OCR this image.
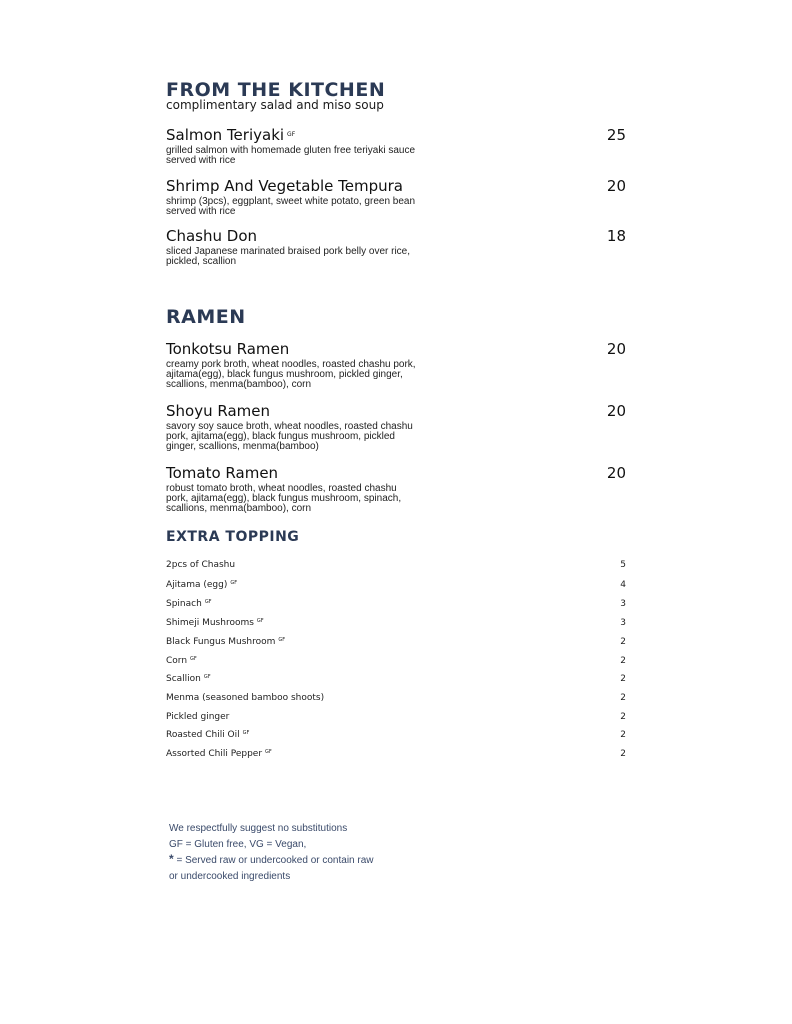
FROM THE KITCHEN
complimentary salad and miso soup
Salmon Teriyaki $^{GF}$	25
grilled salmon with homemade gluten free teriyaki sauce served with rice
Shrimp And Vegetable Tempura	20
shrimp (3pcs), eggplant, sweet white potato, green bean served with rice
Chashu Don	18
sliced Japanese marinated braised pork belly over rice, pickled, scallion
RAMEN
Tonkotsu Ramen	20
creamy pork broth, wheat noodles, roasted chashu pork, ajitama(egg), black fungus mushroom, pickled ginger, scallions, menma(bamboo), corn
Shoyu Ramen	20
savory soy sauce broth, wheat noodles, roasted chashu pork, ajitama(egg), black fungus mushroom, pickled ginger, scallions, menma(bamboo)
Tomato Ramen	20
robust tomato broth, wheat noodles, roasted chashu pork, ajitama(egg), black fungus mushroom, spinach, scallions, menma(bamboo), corn
EXTRA TOPPING
2pcs of Chashu	5
Ajitama (egg) $^{GF}$	4
Spinach $^{GF}$	3
Shimeji Mushrooms $^{GF}$	3
Black Fungus Mushroom $^{GF}$	2
Corn $^{GF}$	2
Scallion $^{GF}$	2
Menma (seasoned bamboo shoots)	2
Pickled ginger	2
Roasted Chili Oil $^{GF}$	2
Assorted Chili Pepper $^{GF}$	2
We respectfully suggest no substitutions
GF = Gluten free, VG = Vegan,
* = Served raw or undercooked or contain raw
or undercooked ingredients
